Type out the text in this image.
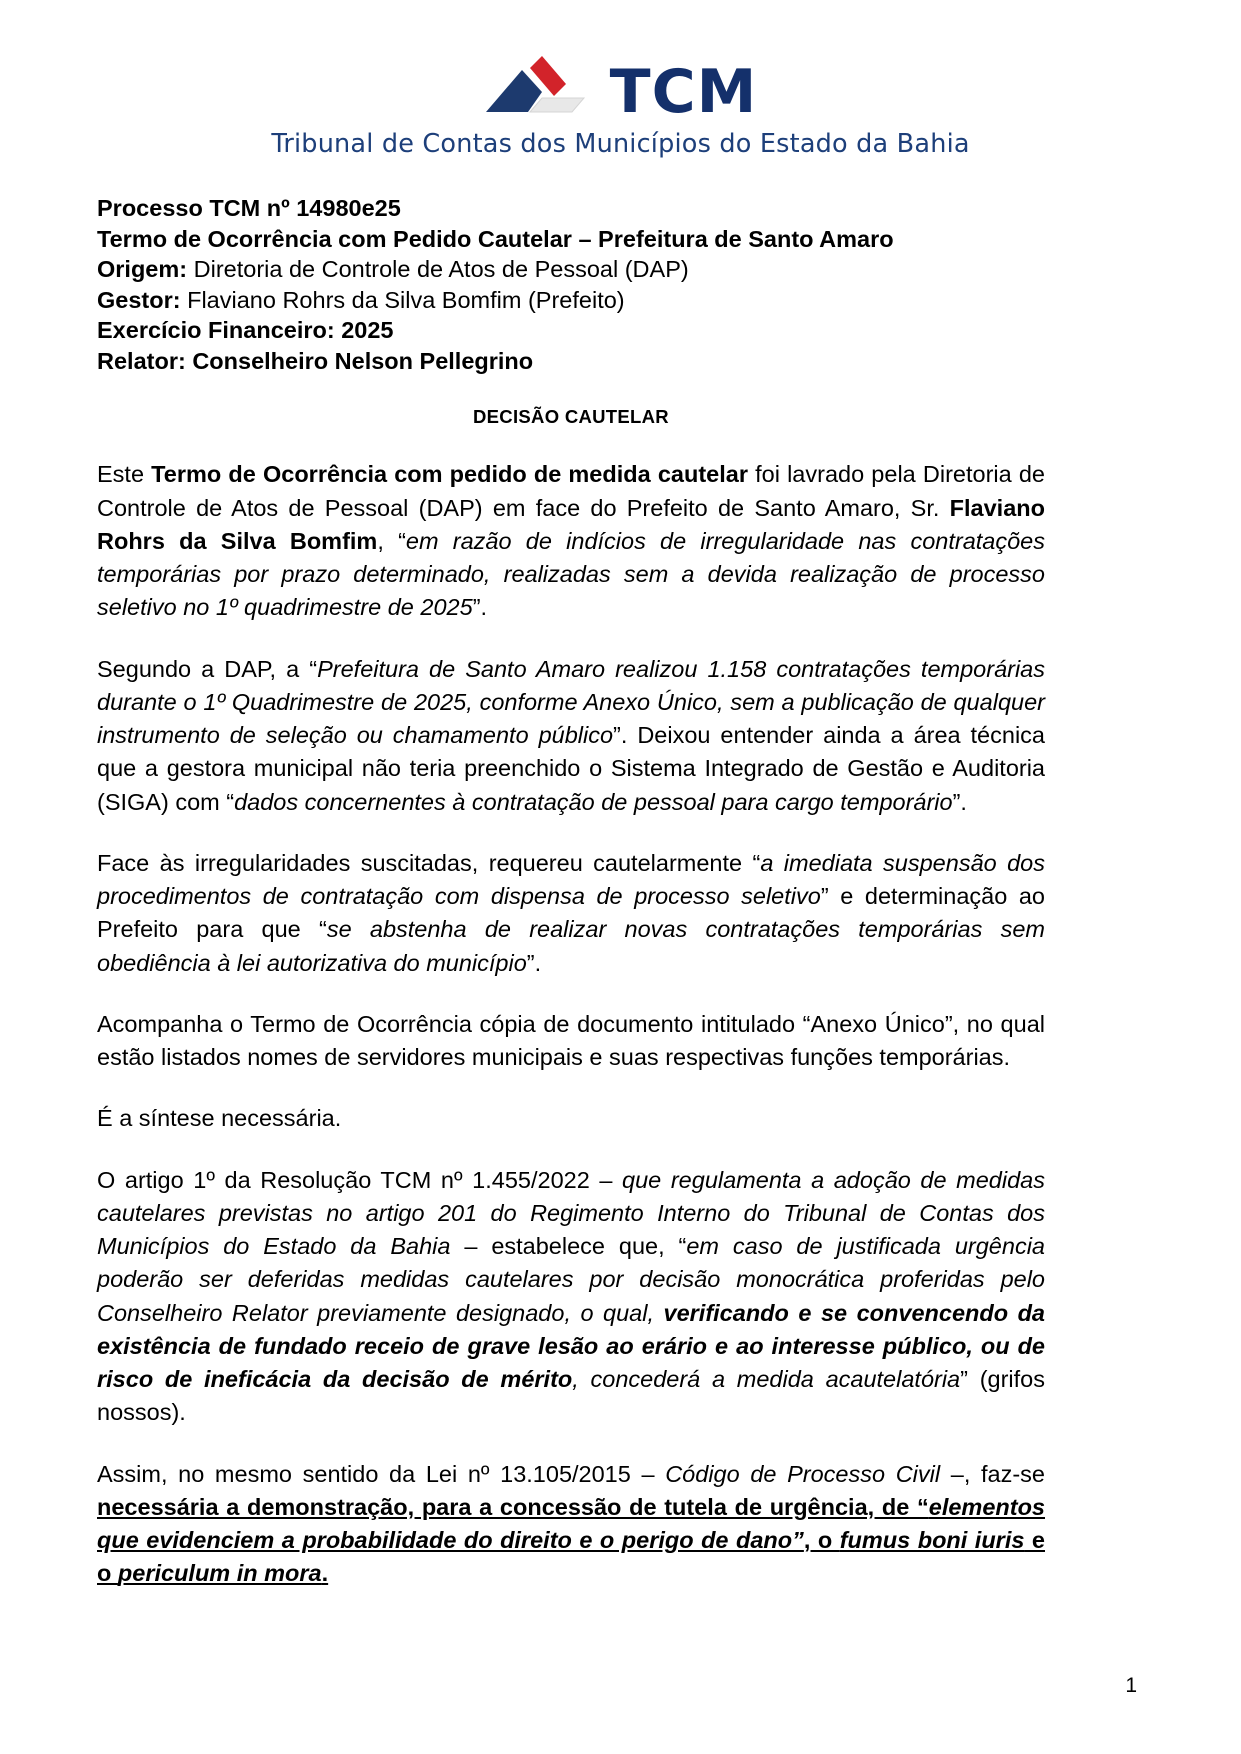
TCM
Tribunal de Contas dos Municípios do Estado da Bahia

Processo TCM nº 14980e25

Termo de Ocorrência com Pedido Cautelar – Prefeitura de Santo Amaro

Origem: Diretoria de Controle de Atos de Pessoal (DAP)

Gestor: Flaviano Rohrs da Silva Bomfim (Prefeito)

Exercício Financeiro: 2025

Relator: Conselheiro Nelson Pellegrino

DECISÃO CAUTELAR

Este Termo de Ocorrência com pedido de medida cautelar foi lavrado pela Diretoria de Controle de Atos de Pessoal (DAP) em face do Prefeito de Santo Amaro, Sr. Flaviano Rohrs da Silva Bomfim, “em razão de indícios de irregularidade nas contratações temporárias por prazo determinado, realizadas sem a devida realização de processo seletivo no 1º quadrimestre de 2025”.

Segundo a DAP, a “Prefeitura de Santo Amaro realizou 1.158 contratações temporárias durante o 1º Quadrimestre de 2025, conforme Anexo Único, sem a publicação de qualquer instrumento de seleção ou chamamento público”. Deixou entender ainda a área técnica que a gestora municipal não teria preenchido o Sistema Integrado de Gestão e Auditoria (SIGA) com “dados concernentes à contratação de pessoal para cargo temporário”.

Face às irregularidades suscitadas, requereu cautelarmente “a imediata suspensão dos procedimentos de contratação com dispensa de processo seletivo” e determinação ao Prefeito para que “se abstenha de realizar novas contratações temporárias sem obediência à lei autorizativa do município”.

Acompanha o Termo de Ocorrência cópia de documento intitulado “Anexo Único”, no qual estão listados nomes de servidores municipais e suas respectivas funções temporárias.

É a síntese necessária.

O artigo 1º da Resolução TCM nº 1.455/2022 – que regulamenta a adoção de medidas cautelares previstas no artigo 201 do Regimento Interno do Tribunal de Contas dos Municípios do Estado da Bahia – estabelece que, “em caso de justificada urgência poderão ser deferidas medidas cautelares por decisão monocrática proferidas pelo Conselheiro Relator previamente designado, o qual, verificando e se convencendo da existência de fundado receio de grave lesão ao erário e ao interesse público, ou de risco de ineficácia da decisão de mérito, concederá a medida acautelatória” (grifos nossos).

Assim, no mesmo sentido da Lei nº 13.105/2015 – Código de Processo Civil –, faz-se necessária a demonstração, para a concessão de tutela de urgência, de “elementos que evidenciem a probabilidade do direito e o perigo de dano”, o fumus boni iuris e o periculum in mora.

1
